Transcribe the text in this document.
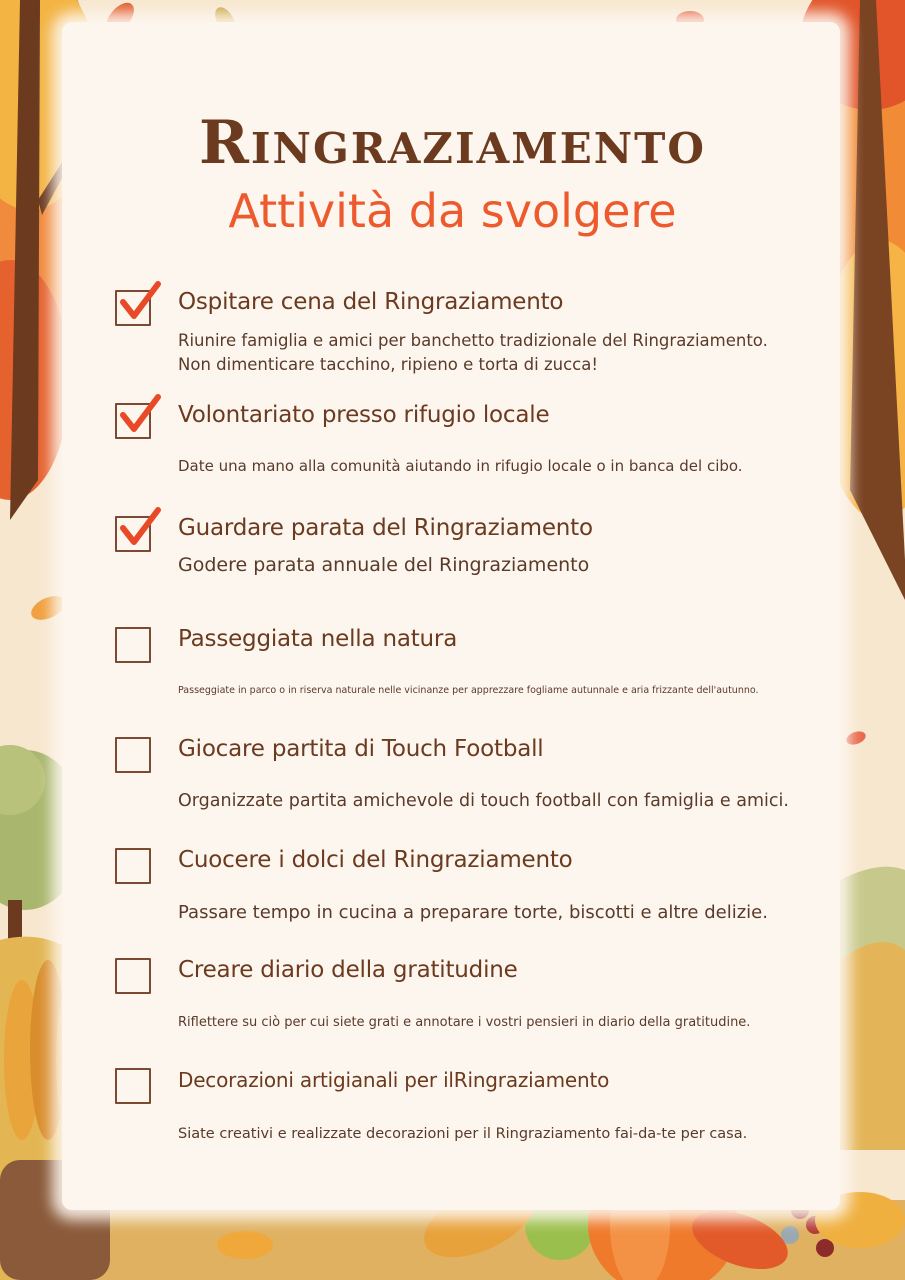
Ringraziamento
Attività da svolgere
Ospitare cena del Ringraziamento
Riunire famiglia e amici per banchetto tradizionale del Ringraziamento.
Non dimenticare tacchino, ripieno e torta di zucca!
Volontariato presso rifugio locale
Date una mano alla comunità aiutando in rifugio locale o in banca del cibo.
Guardare parata del Ringraziamento
Godere parata annuale del Ringraziamento
Passeggiata nella natura
Passeggiate in parco o in riserva naturale nelle vicinanze per apprezzare fogliame autunnale e aria frizzante dell'autunno.
Giocare partita di Touch Football
Organizzate partita amichevole di touch football con famiglia e amici.
Cuocere i dolci del Ringraziamento
Passare tempo in cucina a preparare torte, biscotti e altre delizie.
Creare diario della gratitudine
Riflettere su ciò per cui siete grati e annotare i vostri pensieri in diario della gratitudine.
Decorazioni artigianali per ilRingraziamento
Siate creativi e realizzate decorazioni per il Ringraziamento fai-da-te per casa.
